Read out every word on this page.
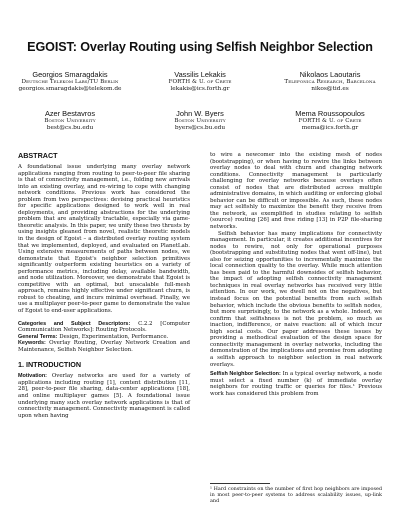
EGOIST: Overlay Routing using Selfish Neighbor Selection
Georgios Smaragdakis
Deutsche Telekom Labs/TU Berlin
georgios.smaragdakis@telekom.de
Vassilis Lekakis
FORTH & U. of Crete
lekakis@ics.forth.gr
Nikolaos Laoutaris
Telefonica Research, Barcelona
nikos@tid.es
Azer Bestavros
Boston University
best@cs.bu.edu
John W. Byers
Boston University
byers@cs.bu.edu
Mema Roussopoulos
FORTH & U. of Crete
mema@ics.forth.gr
ABSTRACT

A foundational issue underlying many overlay network applications ranging from routing to peer-to-peer file sharing is that of connectivity management, i.e., folding new arrivals into an existing overlay, and re-wiring to cope with changing network conditions. Previous work has considered the problem from two perspectives: devising practical heuristics for specific applications designed to work well in real deployments, and providing abstractions for the underlying problem that are analytically tractable, especially via game-theoretic analysis. In this paper, we unify these two thrusts by using insights gleaned from novel, realistic theoretic models in the design of Egoist – a distributed overlay routing system that we implemented, deployed, and evaluated on PlanetLab. Using extensive measurements of paths between nodes, we demonstrate that Egoist's neighbor selection primitives significantly outperform existing heuristics on a variety of performance metrics, including delay, available bandwidth, and node utilization. Moreover, we demonstrate that Egoist is competitive with an optimal, but unscalable full-mesh approach, remains highly effective under significant churn, is robust to cheating, and incurs minimal overhead. Finally, we use a multiplayer peer-to-peer game to demonstrate the value of Egoist to end-user applications.

Categories and Subject Descriptors: C.2.2 [Computer Communication Networks]: Routing Protocols.

General Terms: Design, Experimentation, Performance.

Keywords: Overlay Routing, Overlay Network Creation and Maintenance, Selfish Neighbor Selection.

1. INTRODUCTION

Motivation: Overlay networks are used for a variety of applications including routing [1], content distribution [11, 28], peer-to-peer file sharing, data-center applications [18], and online multiplayer games [5]. A foundational issue underlying many such overlay network applications is that of connectivity management. Connectivity management is called upon when having

to wire a newcomer into the existing mesh of nodes (bootstrapping), or when having to rewire the links between overlay nodes to deal with churn and changing network conditions. Connectivity management is particularly challenging for overlay networks because overlays often consist of nodes that are distributed across multiple administrative domains, in which auditing or enforcing global behavior can be difficult or impossible. As such, these nodes may act selfishly to maximize the benefit they receive from the network, as exemplified in studies relating to selfish (source) routing [26] and free riding [13] in P2P file-sharing networks.

Selfish behavior has many implications for connectivity management. In particular, it creates additional incentives for nodes to rewire, not only for operational purposes (bootstrapping and substituting nodes that went off-line), but also for seizing opportunities to incrementally maximize the local connection quality to the overlay. While much attention has been paid to the harmful downsides of selfish behavior, the impact of adopting selfish connectivity management techniques in real overlay networks has received very little attention. In our work, we dwell not on the negatives, but instead focus on the potential benefits from such selfish behavior, which include the obvious benefits to selfish nodes, but more surprisingly, to the network as a whole. Indeed, we confirm that selfishness is not the problem, so much as inaction, indifference, or naive reaction: all of which incur high social costs. Our paper addresses these issues by providing a methodical evaluation of the design space for connectivity management in overlay networks, including the demonstration of the implications and promise from adopting a selfish approach to neighbor selection in real network overlays.

Selfish Neighbor Selection: In a typical overlay network, a node must select a fixed number (k) of immediate overlay neighbors for routing traffic or queries for files.¹ Previous work has considered this problem from

¹ Hard constraints on the number of first hop neighbors are imposed in most peer-to-peer systems to address scalability issues, up-link and
